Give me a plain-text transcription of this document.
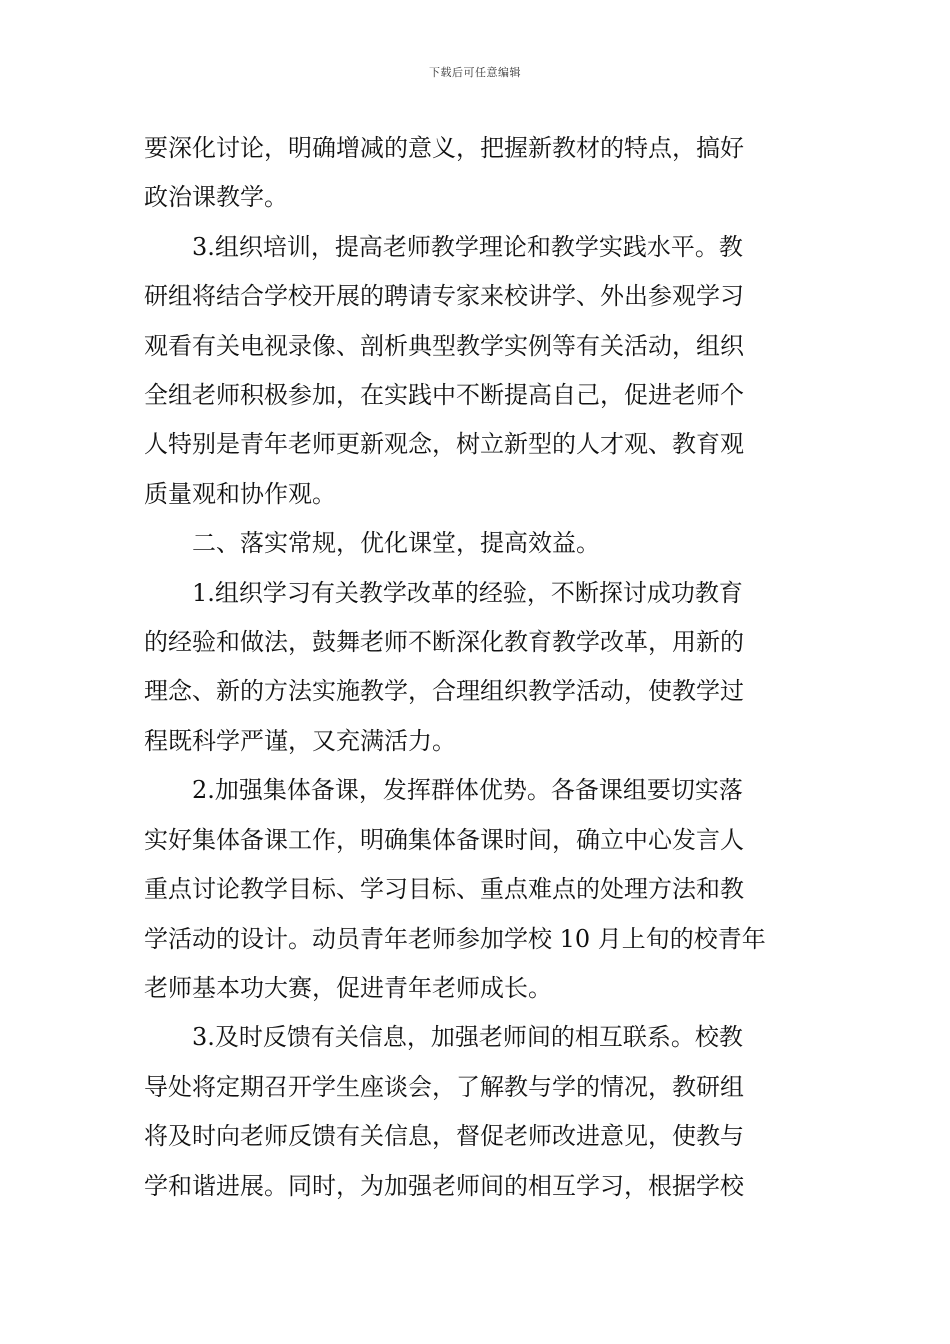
下载后可任意编辑

要深化讨论，明确增减的意义，把握新教材的特点，搞好
政治课教学。

3.组织培训，提高老师教学理论和教学实践水平。教
研组将结合学校开展的聘请专家来校讲学、外出参观学习
观看有关电视录像、剖析典型教学实例等有关活动，组织
全组老师积极参加，在实践中不断提高自己，促进老师个
人特别是青年老师更新观念，树立新型的人才观、教育观
质量观和协作观。

二、落实常规，优化课堂，提高效益。

1.组织学习有关教学改革的经验，不断探讨成功教育
的经验和做法，鼓舞老师不断深化教育教学改革，用新的
理念、新的方法实施教学，合理组织教学活动，使教学过
程既科学严谨，又充满活力。

2.加强集体备课，发挥群体优势。各备课组要切实落
实好集体备课工作，明确集体备课时间，确立中心发言人
重点讨论教学目标、学习目标、重点难点的处理方法和教
学活动的设计。动员青年老师参加学校 10 月上旬的校青年
老师基本功大赛，促进青年老师成长。

3.及时反馈有关信息，加强老师间的相互联系。校教
导处将定期召开学生座谈会，了解教与学的情况，教研组
将及时向老师反馈有关信息，督促老师改进意见，使教与
学和谐进展。同时，为加强老师间的相互学习，根据学校
